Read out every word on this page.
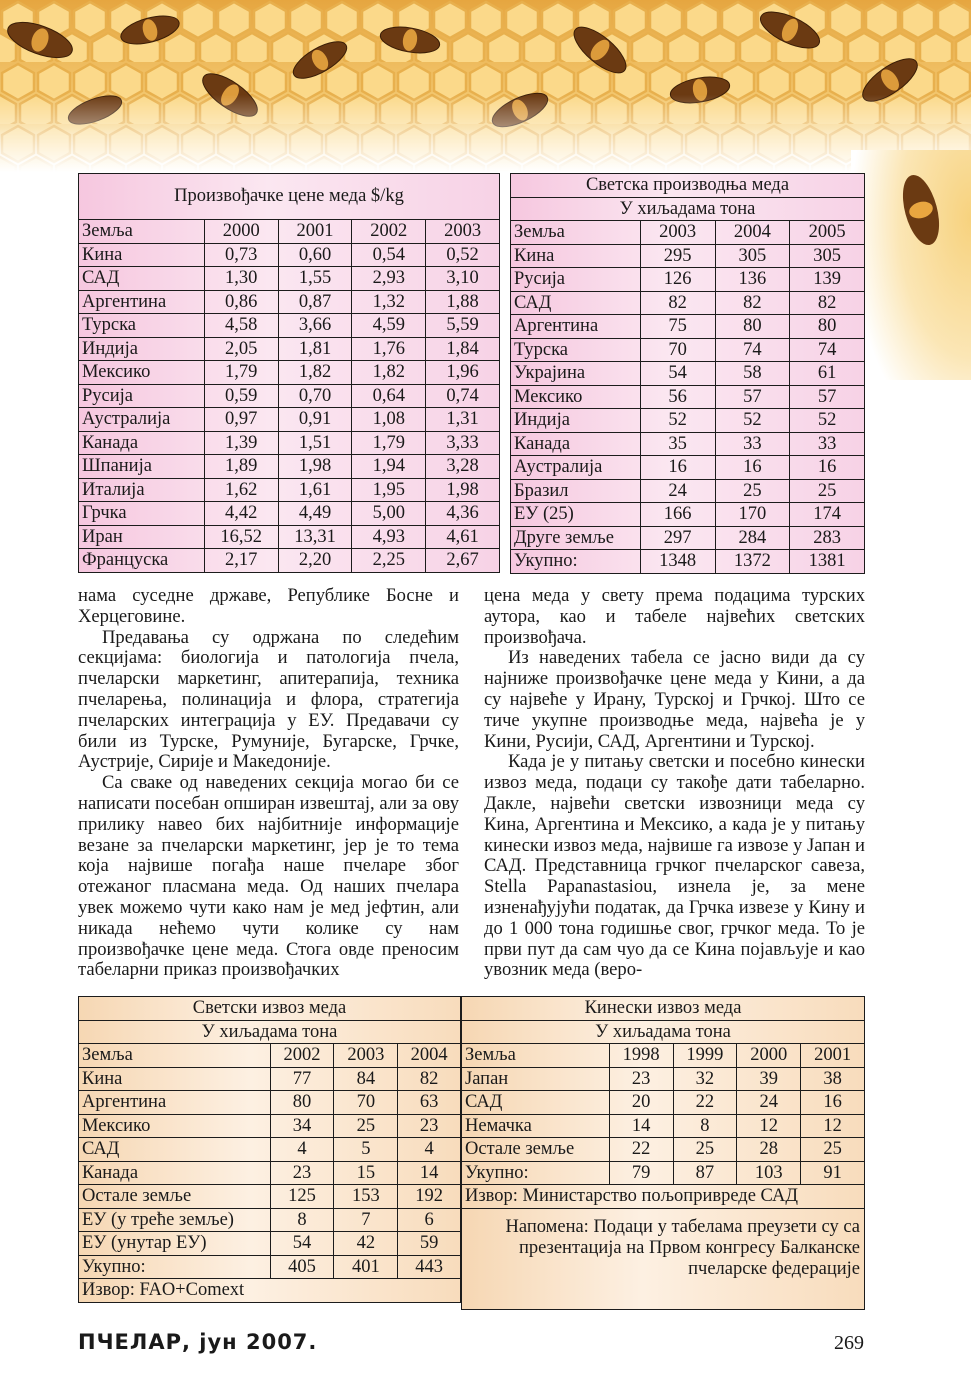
Произвођачке цене меда $/kg				
Земља	2000	2001	2002	2003
Кина	0,73	0,60	0,54	0,52
САД	1,30	1,55	2,93	3,10
Аргентина	0,86	0,87	1,32	1,88
Турска	4,58	3,66	4,59	5,59
Индија	2,05	1,81	1,76	1,84
Мексико	1,79	1,82	1,82	1,96
Русија	0,59	0,70	0,64	0,74
Аустралија	0,97	0,91	1,08	1,31
Канада	1,39	1,51	1,79	3,33
Шпанија	1,89	1,98	1,94	3,28
Италија	1,62	1,61	1,95	1,98
Грчка	4,42	4,49	5,00	4,36
Иран	16,52	13,31	4,93	4,61
Француска	2,17	2,20	2,25	2,67
Светска производња меда			
У хиљадама тона			
Земља	2003	2004	2005
Кина	295	305	305
Русија	126	136	139
САД	82	82	82
Аргентина	75	80	80
Турска	70	74	74
Украјина	54	58	61
Мексико	56	57	57
Индија	52	52	52
Канада	35	33	33
Аустралија	16	16	16
Бразил	24	25	25
ЕУ (25)	166	170	174
Друге земље	297	284	283
Укупно:	1348	1372	1381

нама суседне државе, Републике Босне и Херцеговине.

Предавања су одржана по следећим секцијама: биологија и патологија пчела, пчеларски маркетинг, апитерапија, техника пчеларења, полинација и флора, стратегија пчеларских интеграција у ЕУ. Предавачи су били из Турске, Румуније, Бугарске, Грчке, Аустрије, Сирије и Македоније.

Са сваке од наведених секција могао би се написати посебан опширан извештај, али за ову прилику навео бих најбитније информације везане за пчеларски маркетинг, јер је то тема која највише погађа наше пчеларе због отежаног пласмана меда. Од наших пчелара увек можемо чути како нам је мед јефтин, али никада нећемо чути колике су нам произвођачке цене меда. Стога овде преносим табеларни приказ произвођачких

цена меда у свету према подацима турских аутора, као и табеле највећих светских произвођача.

Из наведених табела се јасно види да су најниже произвођачке цене меда у Кини, а да су највеће у Ирану, Турској и Грчкој. Што се тиче укупне производње меда, највећа је у Кини, Русији, САД, Аргентини и Турској.

Када је у питању светски и посебно кинески извоз меда, подаци су такође дати табеларно. Дакле, највећи светски извозници меда су Кина, Аргентина и Мексико, а када је у питању кинески извоз меда, највише га извозе у Јапан и САД. Представница грчког пчеларског савеза, Stella Papanastasiou, изнела је, за мене изненађујући податак, да Грчка извезе у Кину и до 1 000 тона годишње свог, грчког меда. То је први пут да сам чуо да се Кина појављује и као увозник меда (веро-

Светски извоз меда			
У хиљадама тона			
Земља	2002	2003	2004
Кина	77	84	82
Аргентина	80	70	63
Мексико	34	25	23
САД	4	5	4
Канада	23	15	14
Остале земље	125	153	192
ЕУ (у треће земље)	8	7	6
ЕУ (унутар ЕУ)	54	42	59
Укупно:	405	401	443
Извор: FAO+Comext			
Кинески извоз меда				
У хиљадама тона				
Земља	1998	1999	2000	2001
Јапан	23	32	39	38
САД	20	22	24	16
Немачка	14	8	12	12
Остале земље	22	25	28	25
Укупно:	79	87	103	91
Извор: Министарство пољопривреде САД				
Напомена: Подаци у табелама преузети су са презентација на Првом конгресу Балканске пчеларске федерације				
ПЧЕЛАР, јун 2007.	269
